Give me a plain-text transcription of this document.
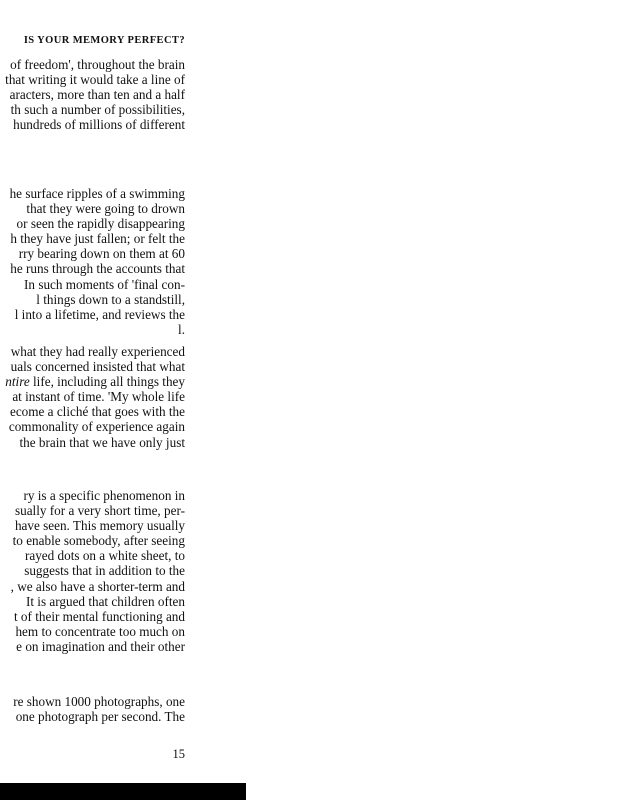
IS YOUR MEMORY PERFECT?
of freedom', throughout the brain
that writing it would take a line of
aracters, more than ten and a half
th such a number of possibilities,
hundreds of millions of different
he surface ripples of a swimming
that they were going to drown
or seen the rapidly disappearing
h they have just fallen; or felt the
rry bearing down on them at 60
he runs through the accounts that
In such moments of 'final con-
l things down to a standstill,
l into a lifetime, and reviews the
l.
what they had really experienced
uals concerned insisted that what
ntire life, including all things they
at instant of time. 'My whole life
ecome a cliché that goes with the
commonality of experience again
the brain that we have only just
ry is a specific phenomenon in
sually for a very short time, per-
have seen. This memory usually
to enable somebody, after seeing
rayed dots on a white sheet, to
suggests that in addition to the
, we also have a shorter-term and
It is argued that children often
t of their mental functioning and
hem to concentrate too much on
e on imagination and their other
re shown 1000 photographs, one
one photograph per second. The
15
